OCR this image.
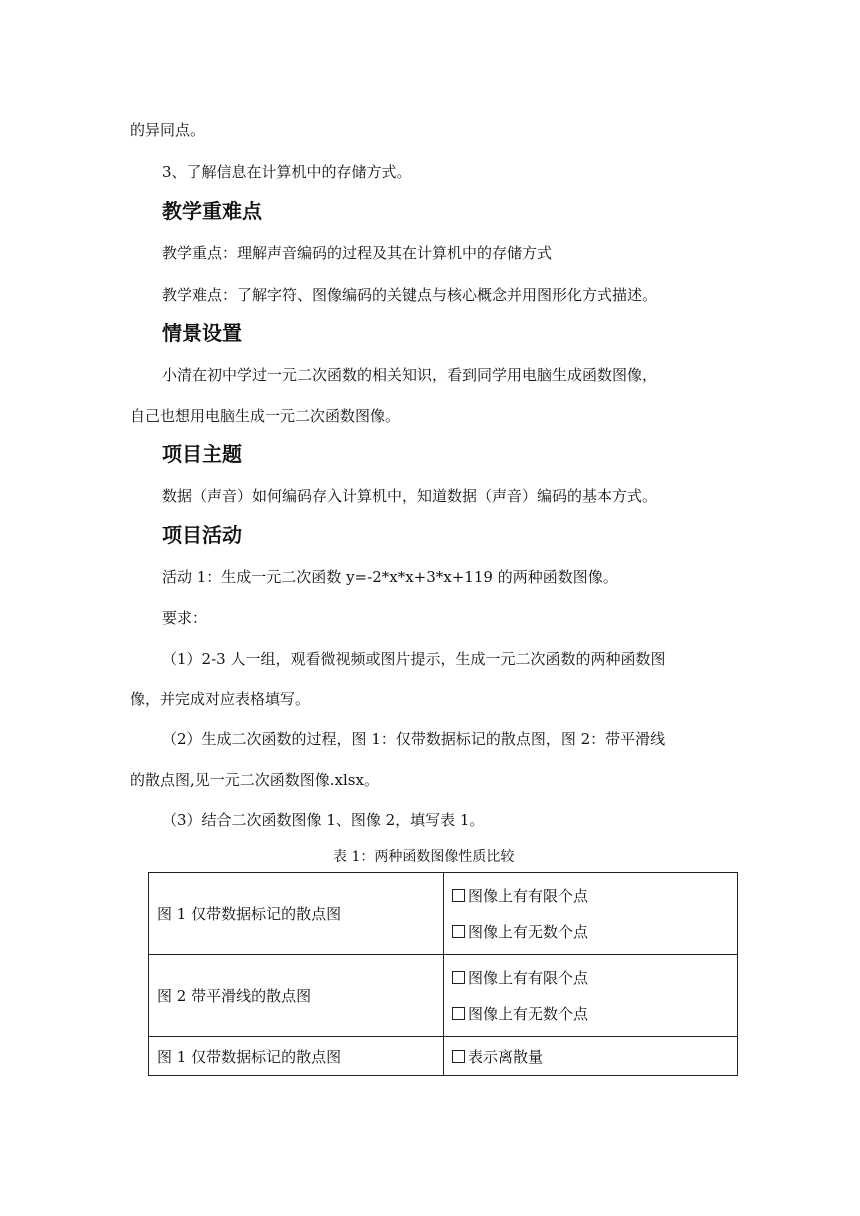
的异同点。
3、了解信息在计算机中的存储方式。
教学重难点
教学重点：理解声音编码的过程及其在计算机中的存储方式
教学难点：了解字符、图像编码的关键点与核心概念并用图形化方式描述。
情景设置
小清在初中学过一元二次函数的相关知识，看到同学用电脑生成函数图像，
自己也想用电脑生成一元二次函数图像。
项目主题
数据（声音）如何编码存入计算机中，知道数据（声音）编码的基本方式。
项目活动
活动 1：生成一元二次函数 y=-2*x*x+3*x+119 的两种函数图像。
要求：
（1）2-3 人一组，观看微视频或图片提示，生成一元二次函数的两种函数图
像，并完成对应表格填写。
（2）生成二次函数的过程，图 1：仅带数据标记的散点图，图 2：带平滑线
的散点图,见一元二次函数图像.xlsx。
（3）结合二次函数图像 1、图像 2，填写表 1。
表 1：两种函数图像性质比较
图 1 仅带数据标记的散点图	图像上有有限个点
图像上有无数个点

图 2 带平滑线的散点图	图像上有有限个点
图像上有无数个点

图 1 仅带数据标记的散点图	表示离散量
